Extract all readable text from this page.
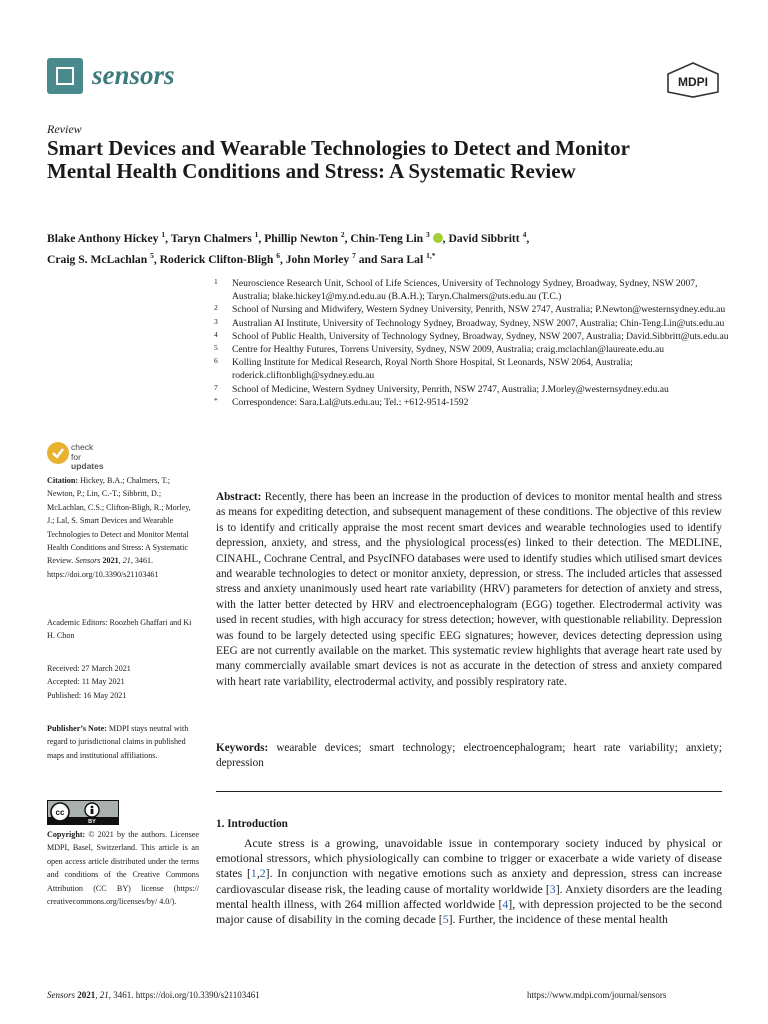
sensors	MDPI
Review
Smart Devices and Wearable Technologies to Detect and Monitor Mental Health Conditions and Stress: A Systematic Review
Blake Anthony Hickey $^1$, Taryn Chalmers $^1$, Phillip Newton $^2$, Chin-Teng Lin $^3$ , David Sibbritt $^4$,
Craig S. McLachlan $^5$, Roderick Clifton-Bligh $^6$, John Morley $^7$ and Sara Lal $^{1,*}$
1	Neuroscience Research Unit, School of Life Sciences, University of Technology Sydney, Broadway, Sydney, NSW 2007, Australia; blake.hickey1@my.nd.edu.au (B.A.H.); Taryn.Chalmers@uts.edu.au (T.C.)
2	School of Nursing and Midwifery, Western Sydney University, Penrith, NSW 2747, Australia; P.Newton@westernsydney.edu.au
3	Australian AI Institute, University of Technology Sydney, Broadway, Sydney, NSW 2007, Australia; Chin-Teng.Lin@uts.edu.au
4	School of Public Health, University of Technology Sydney, Broadway, Sydney, NSW 2007, Australia; David.Sibbritt@uts.edu.au
5	Centre for Healthy Futures, Torrens University, Sydney, NSW 2009, Australia; craig.mclachlan@laureate.edu.au
6	Kolling Institute for Medical Research, Royal North Shore Hospital, St Leonards, NSW 2064, Australia; roderick.cliftonbligh@sydney.edu.au
7	School of Medicine, Western Sydney University, Penrith, NSW 2747, Australia; J.Morley@westernsydney.edu.au
*	Correspondence: Sara.Lal@uts.edu.au; Tel.: +612-9514-1592
check for
updates
Citation: Hickey, B.A.; Chalmers, T.; Newton, P.; Lin, C.-T.; Sibbritt, D.; McLachlan, C.S.; Clifton-Bligh, R.; Morley, J.; Lal, S. Smart Devices and Wearable Technologies to Detect and Monitor Mental Health Conditions and Stress: A Systematic Review. Sensors 2021, 21, 3461. https://doi.org/10.3390/s21103461
Academic Editors: Roozbeh Ghaffari and Ki H. Chon
Received: 27 March 2021
Accepted: 11 May 2021
Published: 16 May 2021
Publisher’s Note: MDPI stays neutral with regard to jurisdictional claims in published maps and institutional affiliations.
cc
BY
Copyright: © 2021 by the authors. Licensee MDPI, Basel, Switzerland. This article is an open access article distributed under the terms and conditions of the Creative Commons Attribution (CC BY) license (https:// creativecommons.org/licenses/by/ 4.0/).
Abstract: Recently, there has been an increase in the production of devices to monitor mental health and stress as means for expediting detection, and subsequent management of these conditions. The objective of this review is to identify and critically appraise the most recent smart devices and wearable technologies used to identify depression, anxiety, and stress, and the physiological process(es) linked to their detection. The MEDLINE, CINAHL, Cochrane Central, and PsycINFO databases were used to identify studies which utilised smart devices and wearable technologies to detect or monitor anxiety, depression, or stress. The included articles that assessed stress and anxiety unanimously used heart rate variability (HRV) parameters for detection of anxiety and stress, with the latter better detected by HRV and electroencephalogram (EGG) together. Electrodermal activity was used in recent studies, with high accuracy for stress detection; however, with questionable reliability. Depression was found to be largely detected using specific EEG signatures; however, devices detecting depression using EEG are not currently available on the market. This systematic review highlights that average heart rate used by many commercially available smart devices is not as accurate in the detection of stress and anxiety compared with heart rate variability, electrodermal activity, and possibly respiratory rate.
Keywords: wearable devices; smart technology; electroencephalogram; heart rate variability; anxiety; depression
1. Introduction
Acute stress is a growing, unavoidable issue in contemporary society induced by physical or emotional stressors, which physiologically can combine to trigger or exacerbate a wide variety of disease states [1,2]. In conjunction with negative emotions such as anxiety and depression, stress can increase cardiovascular disease risk, the leading cause of mortality worldwide [3]. Anxiety disorders are the leading mental health illness, with 264 million affected worldwide [4], with depression projected to be the second major cause of disability in the coming decade [5]. Further, the incidence of these mental health
Sensors 2021, 21, 3461. https://doi.org/10.3390/s21103461	https://www.mdpi.com/journal/sensors
